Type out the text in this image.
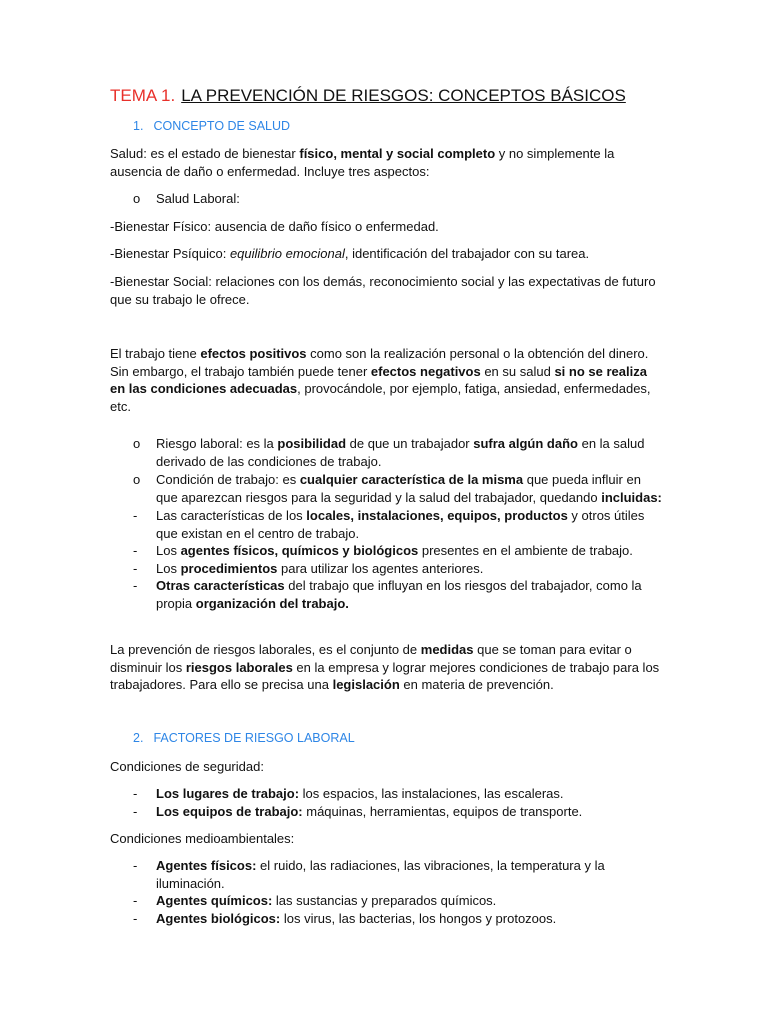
TEMA 1. LA PREVENCIÓN DE RIESGOS: CONCEPTOS BÁSICOS
1. CONCEPTO DE SALUD
Salud: es el estado de bienestar físico, mental y social completo y no simplemente la ausencia de daño o enfermedad. Incluye tres aspectos:
o Salud Laboral:
-Bienestar Físico: ausencia de daño físico o enfermedad.
-Bienestar Psíquico: equilibrio emocional, identificación del trabajador con su tarea.
-Bienestar Social: relaciones con los demás, reconocimiento social y las expectativas de futuro que su trabajo le ofrece.
El trabajo tiene efectos positivos como son la realización personal o la obtención del dinero. Sin embargo, el trabajo también puede tener efectos negativos en su salud si no se realiza en las condiciones adecuadas, provocándole, por ejemplo, fatiga, ansiedad, enfermedades, etc.
o Riesgo laboral: es la posibilidad de que un trabajador sufra algún daño en la salud derivado de las condiciones de trabajo.
o Condición de trabajo: es cualquier característica de la misma que pueda influir en que aparezcan riesgos para la seguridad y la salud del trabajador, quedando incluidas:
- Las características de los locales, instalaciones, equipos, productos y otros útiles que existan en el centro de trabajo.
- Los agentes físicos, químicos y biológicos presentes en el ambiente de trabajo.
- Los procedimientos para utilizar los agentes anteriores.
- Otras características del trabajo que influyan en los riesgos del trabajador, como la propia organización del trabajo.
La prevención de riesgos laborales, es el conjunto de medidas que se toman para evitar o disminuir los riesgos laborales en la empresa y lograr mejores condiciones de trabajo para los trabajadores. Para ello se precisa una legislación en materia de prevención.
2. FACTORES DE RIESGO LABORAL
Condiciones de seguridad:
- Los lugares de trabajo: los espacios, las instalaciones, las escaleras.
- Los equipos de trabajo: máquinas, herramientas, equipos de transporte.
Condiciones medioambientales:
- Agentes físicos: el ruido, las radiaciones, las vibraciones, la temperatura y la iluminación.
- Agentes químicos: las sustancias y preparados químicos.
- Agentes biológicos: los virus, las bacterias, los hongos y protozoos.
